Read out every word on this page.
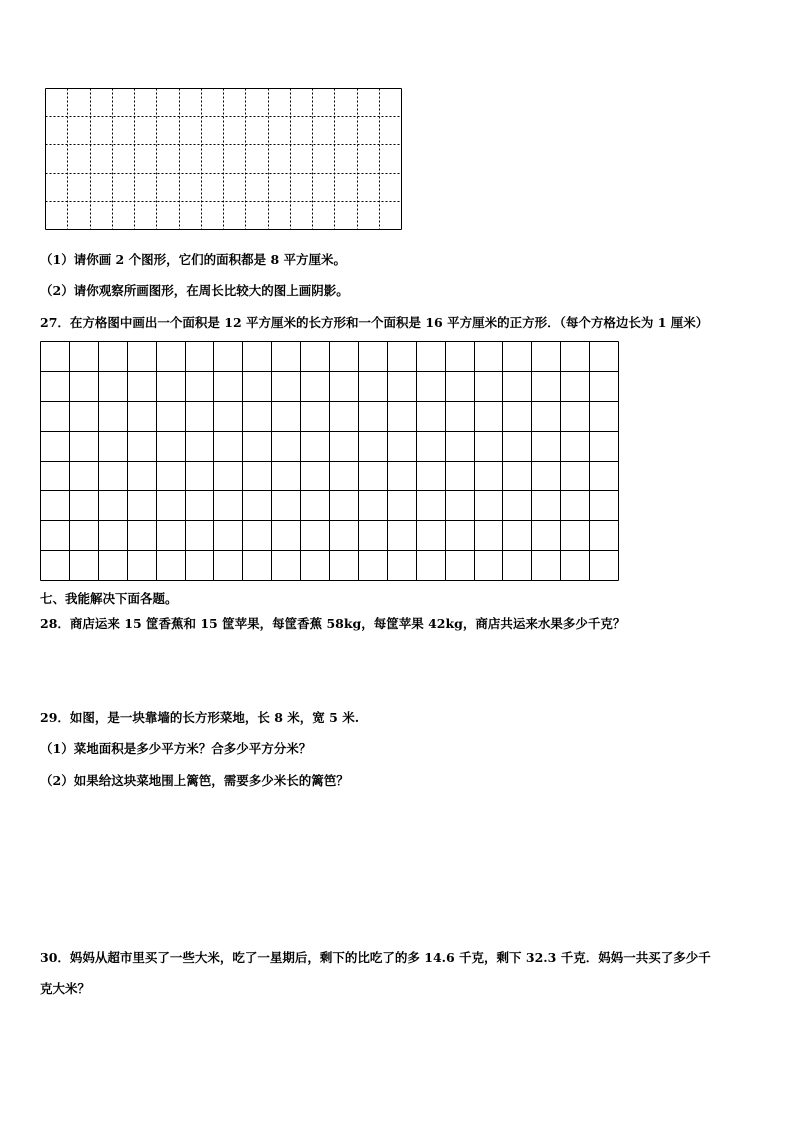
（1）请你画 2 个图形，它们的面积都是 8 平方厘米。
（2）请你观察所画图形，在周长比较大的图上画阴影。
27．在方格图中画出一个面积是 12 平方厘米的长方形和一个面积是 16 平方厘米的正方形．（每个方格边长为 1 厘米）
七、我能解决下面各题。
28．商店运来 15 筐香蕉和 15 筐苹果，每筐香蕉 58kg，每筐苹果 42kg，商店共运来水果多少千克？
29．如图，是一块靠墙的长方形菜地，长 8 米，宽 5 米.
（1）菜地面积是多少平方米？合多少平方分米？
（2）如果给这块菜地围上篱笆，需要多少米长的篱笆？
30．妈妈从超市里买了一些大米，吃了一星期后，剩下的比吃了的多 14.6 千克，剩下 32.3 千克．妈妈一共买了多少千
克大米？
